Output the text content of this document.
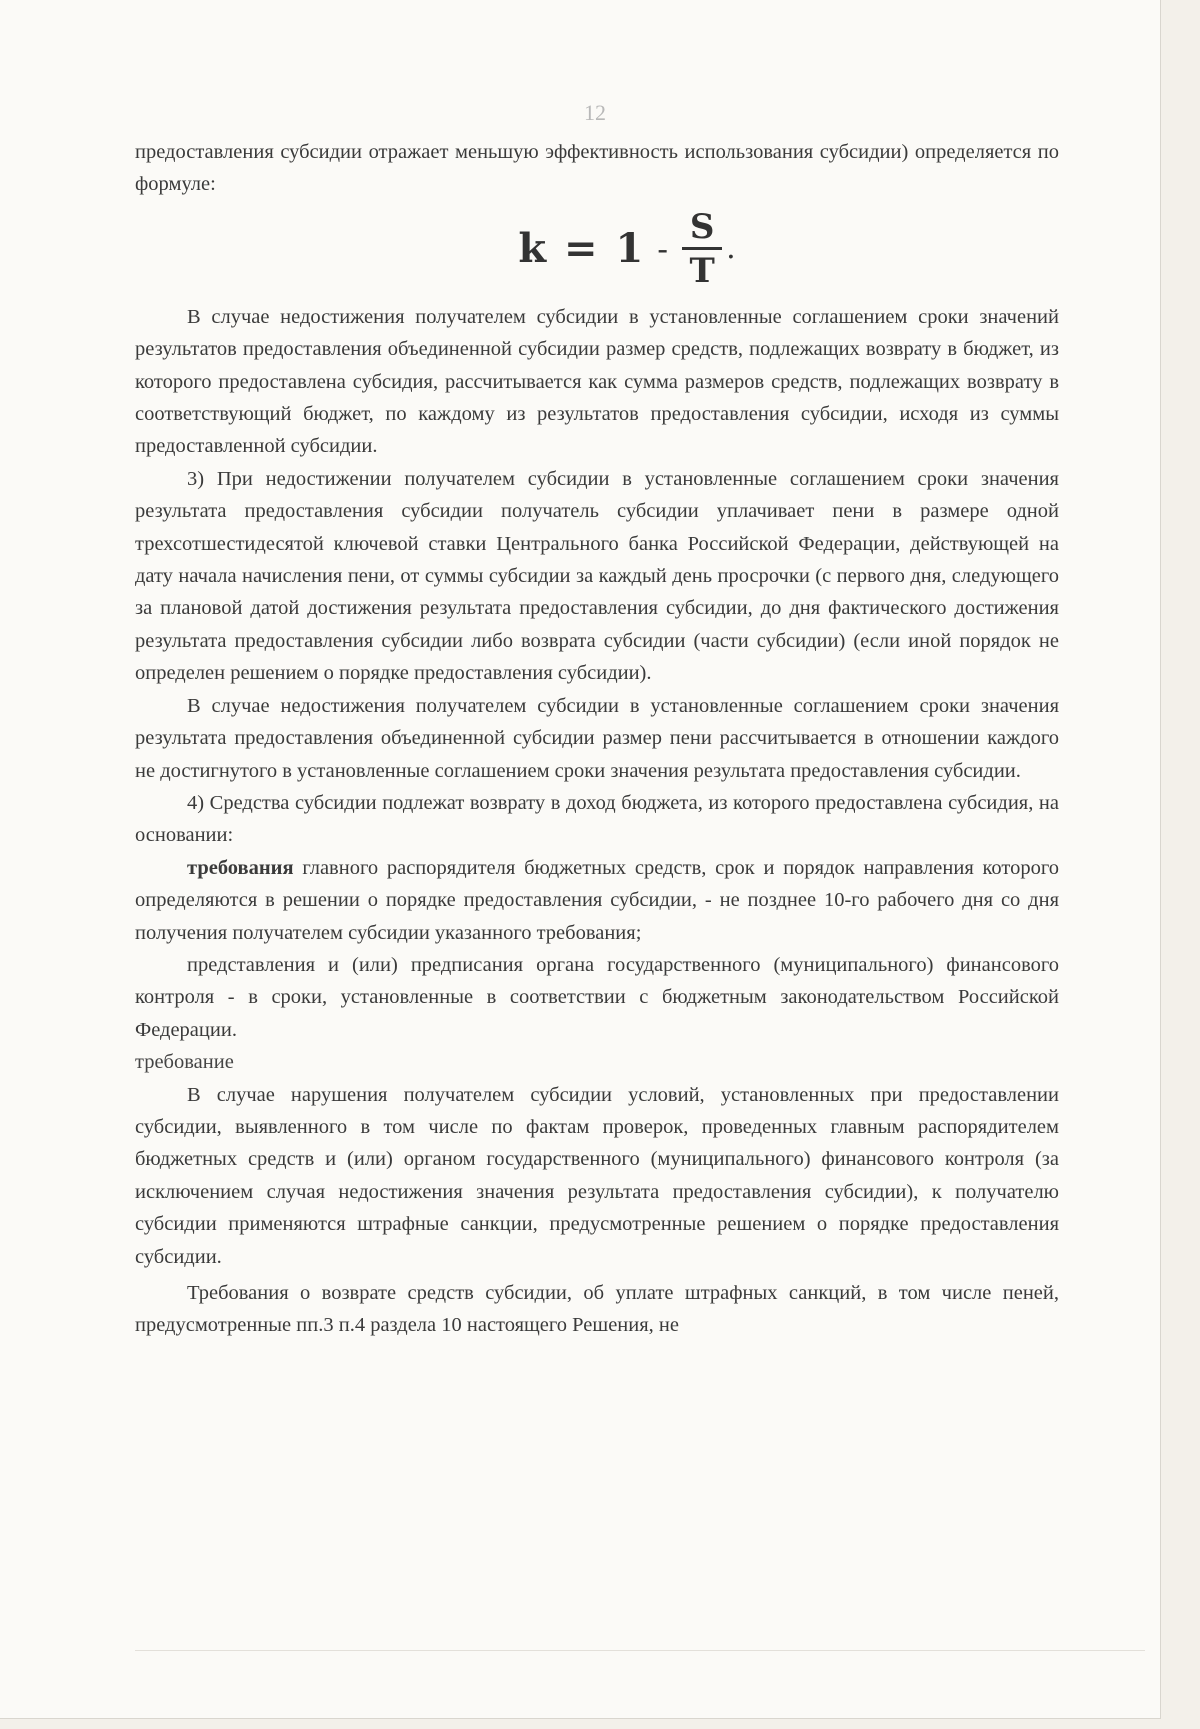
12

предоставления субсидии отражает меньшую эффективность использования субсидии) определяется по формуле:

$k = 1 - \frac{S}{T}$ .

В случае недостижения получателем субсидии в установленные соглашением сроки значений результатов предоставления объединенной субсидии размер средств, подлежащих возврату в бюджет, из которого предоставлена субсидия, рассчитывается как сумма размеров средств, подлежащих возврату в соответствующий бюджет, по каждому из результатов предоставления субсидии, исходя из суммы предоставленной субсидии.

3) При недостижении получателем субсидии в установленные соглашением сроки значения результата предоставления субсидии получатель субсидии уплачивает пени в размере одной трехсотшестидесятой ключевой ставки Центрального банка Российской Федерации, действующей на дату начала начисления пени, от суммы субсидии за каждый день просрочки (с первого дня, следующего за плановой датой достижения результата предоставления субсидии, до дня фактического достижения результата предоставления субсидии либо возврата субсидии (части субсидии) (если иной порядок не определен решением о порядке предоставления субсидии).

В случае недостижения получателем субсидии в установленные соглашением сроки значения результата предоставления объединенной субсидии размер пени рассчитывается в отношении каждого не достигнутого в установленные соглашением сроки значения результата предоставления субсидии.

4) Средства субсидии подлежат возврату в доход бюджета, из которого предоставлена субсидия, на основании:

требования главного распорядителя бюджетных средств, срок и порядок направления которого определяются в решении о порядке предоставления субсидии, - не позднее 10-го рабочего дня со дня получения получателем субсидии указанного требования;

представления и (или) предписания органа государственного (муниципального) финансового контроля - в сроки, установленные в соответствии с бюджетным законодательством Российской Федерации.

требование

В случае нарушения получателем субсидии условий, установленных при предоставлении субсидии, выявленного в том числе по фактам проверок, проведенных главным распорядителем бюджетных средств и (или) органом государственного (муниципального) финансового контроля (за исключением случая недостижения значения результата предоставления субсидии), к получателю субсидии применяются штрафные санкции, предусмотренные решением о порядке предоставления субсидии.

Требования о возврате средств субсидии, об уплате штрафных санкций, в том числе пеней, предусмотренные пп.3 п.4 раздела 10 настоящего Решения, не
